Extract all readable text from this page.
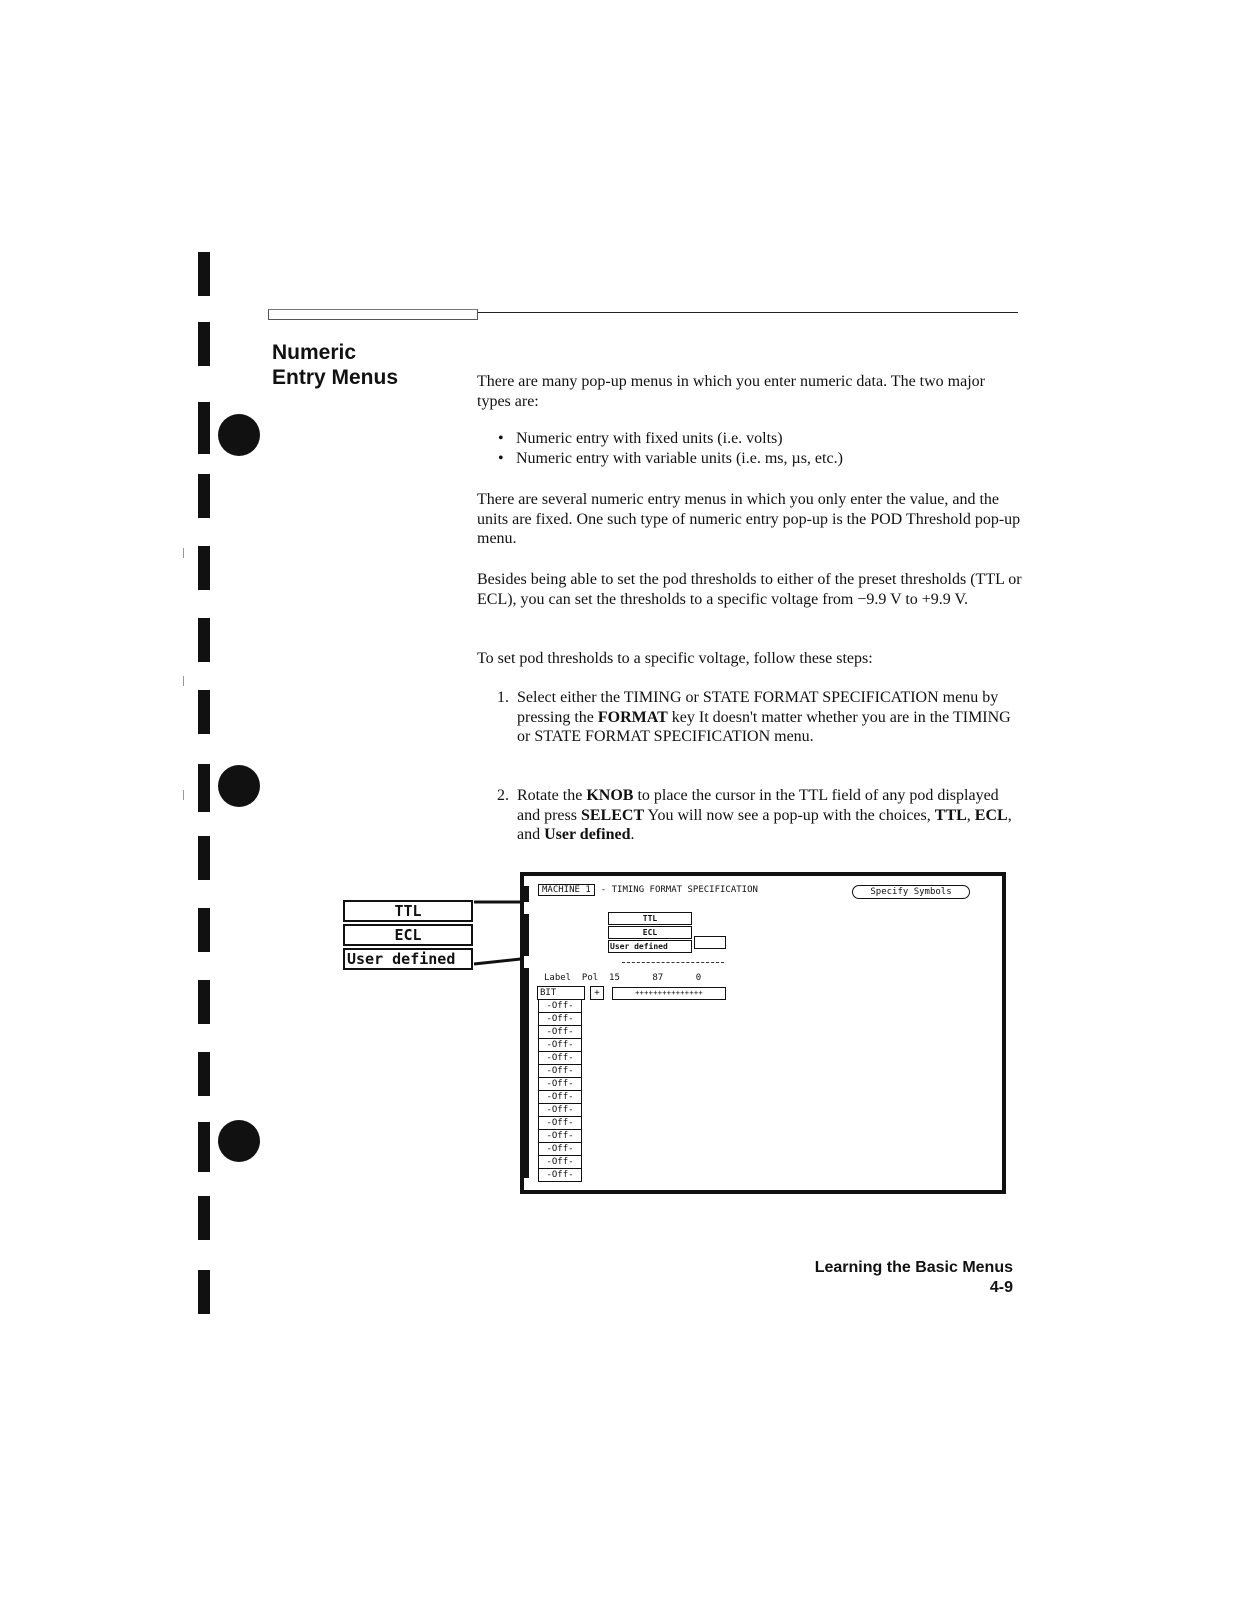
Numeric
Entry Menus	There are many pop-up menus in which you enter numeric data. The two major types are:

• Numeric entry with fixed units (i.e. volts)
• Numeric entry with variable units (i.e. ms, µs, etc.)

There are several numeric entry menus in which you only enter the value, and the units are fixed. One such type of numeric entry pop-up is the POD Threshold pop-up menu.

Besides being able to set the pod thresholds to either of the preset thresholds (TTL or ECL), you can set the thresholds to a specific voltage from −9.9 V to +9.9 V.

To set pod thresholds to a specific voltage, follow these steps:

1. Select either the TIMING or STATE FORMAT SPECIFICATION menu by pressing the FORMAT key It doesn't matter whether you are in the TIMING or STATE FORMAT SPECIFICATION menu.
2. Rotate the KNOB to place the cursor in the TTL field of any pod displayed and press SELECT You will now see a pop-up with the choices, TTL, ECL, and User defined.
TTL
ECL
User defined
MACHINE 1 - TIMING FORMAT SPECIFICATION	Specify Symbols
TTL
ECL
User defined
Label  Pol  15      87      0
BIT	+	+++++++++++++++
-Off-
-Off-
-Off-
-Off-
-Off-
-Off-
-Off-
-Off-
-Off-
-Off-
-Off-
-Off-
-Off-
-Off-
Learning the Basic Menus
4-9
